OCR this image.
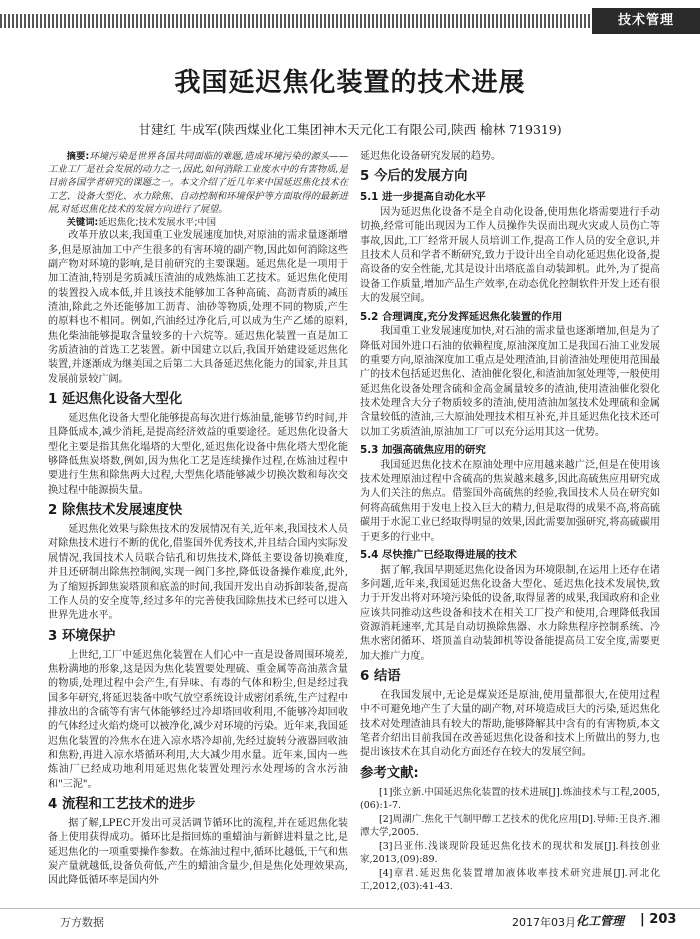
技术管理
我国延迟焦化装置的技术进展
甘建红 牛成军(陕西煤业化工集团神木天元化工有限公司,陕西 榆林 719319)

摘要:环境污染是世界各国共同面临的难题,造成环境污染的源头——工业工厂是社会发展的动力之一,因此,如何消除工业废水中的有害物质,是目前各国学者研究的课题之一。本文介绍了近几年来中国延迟焦化技术在工艺、设备大型化、水力除焦、自动控制和环境保护等方面取得的最新进展,对延迟焦化技术的发展方向进行了展望。

关键词:延迟焦化;技术发展水平;中国

改革开放以来,我国重工业发展速度加快,对原油的需求量逐渐增多,但是原油加工中产生很多的有害环境的副产物,因此如何消除这些副产物对环境的影响,是目前研究的主要课题。延迟焦化是一项用于加工渣油,特别是劣质减压渣油的成熟炼油工艺技术。延迟焦化使用的装置投入成本低,并且该技术能够加工各种高硫、高沥青质的减压渣油,除此之外还能够加工沥青、油砂等物质,处理不同的物质,产生的原料也不相同。例如,汽油经过净化后,可以成为生产乙烯的原料,焦化柴油能够提取含量较多的十六烷等。延迟焦化装置一直是加工劣质渣油的首选工艺装置。新中国建立以后,我国开始建设延迟焦化装置,并逐渐成为继美国之后第二大具备延迟焦化能力的国家,并且其发展前景较广阔。

1 延迟焦化设备大型化

延迟焦化设备大型化能够提高每次进行炼油量,能够节约时间,并且降低成本,减少消耗,是提高经济效益的重要途径。延迟焦化设备大型化主要是指其焦化塌塔的大型化,延迟焦化设备中焦化塔大型化能够降低焦炭塔数,例如,因为焦化工艺是连续操作过程,在炼油过程中要进行生焦和除焦两大过程,大型焦化塔能够减少切换次数和每次交换过程中能源损失量。

2 除焦技术发展速度快

延迟焦化效果与除焦技术的发展情况有关,近年来,我国技术人员对除焦技术进行不断的优化,借鉴国外优秀技术,并且结合国内实际发展情况,我国技术人员联合钻孔和切焦技术,降低主要设备切换难度,并且还研制出除焦控制阀,实现一阀门多控,降低设备操作难度,此外,为了缩短拆卸焦炭塔顶和底盖的时间,我国开发出自动拆卸装备,提高工作人员的安全度等,经过多年的完善使我国除焦技术已经可以进入世界先进水平。

3 环境保护

上世纪,工厂中延迟焦化装置在人们心中一直是设备周围环境差,焦粉满地的形象,这是因为焦化装置要处理硫、重金属等高油蒸含量的物质,处理过程中会产生,有异味、有毒的气体和粉尘,但是经过我国多年研究,将延迟装备中吹气放空系统设计成密闭系统,生产过程中排放出的含硫等有害气体能够经过冷却塔回收利用,不能够冷却回收的气体经过火焰灼烧可以被净化,减少对环境的污染。近年来,我国延迟焦化装置的冷焦水在进入凉水塔冷却前,先经过旋转分液器回收油和焦粉,再进入凉水塔循环利用,大大减少用水量。近年来,国内一些炼油厂已经成功地利用延迟焦化装置处理污水处理场的含水污油和"三泥"。

4 流程和工艺技术的进步

据了解,LPEC开发出可灵活调节循环比的流程,并在延迟焦化装备上使用获得成功。循环比是指回炼的重蜡油与新鲜进料量之比,是延迟焦化的一项重要操作参数。在炼油过程中,循环比越低,干气和焦炭产量就越低,设备负荷低,产生的蜡油含量少,但是焦化处理效果高,因此降低循环率是国内外

延迟焦化设备研究发展的趋势。

5 今后的发展方向
5.1 进一步提高自动化水平

因为延迟焦化设备不是全自动化设备,使用焦化塔需要进行手动切换,经常可能出现因为工作人员操作失误而出现火灾或人员伤亡等事故,因此,工厂经常开展人员培训工作,提高工作人员的安全意识,并且技术人员和学者不断研究,致力于设计出全自动化延迟焦化设备,提高设备的安全性能,尤其是设计出塔底盖自动装卸机。此外,为了提高设备工作质量,增加产品生产效率,在动态优化控制软件开发上还有很大的发展空间。

5.2 合理调度,充分发挥延迟焦化装置的作用

我国重工业发展速度加快,对石油的需求量也逐渐增加,但是为了降低对国外进口石油的依赖程度,原油深度加工是我国石油工业发展的重要方向,原油深度加工重点是处理渣油,目前渣油处理使用范围最广的技术包括延迟焦化、渣油催化裂化,和渣油加氢处理等,一般使用延迟焦化设备处理含硫和金高金属量较多的渣油,使用渣油催化裂化技术处理含大分子物质较多的渣油,使用渣油加氢技术处理硫和金属含量较低的渣油,三大原油处理技术相互补充,并且延迟焦化技术还可以加工劣质渣油,原油加工厂可以充分运用其这一优势。

5.3 加强高硫焦应用的研究

我国延迟焦化技术在原油处理中应用越来越广泛,但是在使用该技术处理原油过程中含硫高的焦炭越来越多,因此高硫焦应用研究成为人们关注的焦点。借鉴国外高硫焦的经验,我国技术人员在研究如何将高硫焦用于发电上投入巨大的精力,但是取得的成果不高,将高硫碳用于水泥工业已经取得明显的效果,因此需要加强研究,将高硫碳用于更多的行业中。

5.4 尽快推广已经取得进展的技术

据了解,我国早期延迟焦化设备因为环境限制,在运用上还存在诸多问题,近年来,我国延迟焦化设备大型化、延迟焦化技术发展快,致力于开发出将对环境污染低的设备,取得显著的成果,我国政府和企业应该共同推动这些设备和技术在相关工厂投产和使用,合理降低我国资源消耗速率,尤其是自动切换除焦器、水力除焦程序控制系统、冷焦水密闭循环、塔顶盖自动装卸机等设备能提高员工安全度,需要更加大推广力度。

6 结语

在我国发展中,无论是煤炭还是原油,使用量都很大,在使用过程中不可避免地产生了大量的副产物,对环境造成巨大的污染,延迟焦化技术对处理渣油具有较大的帮助,能够降解其中含有的有害物质,本文笔者介绍出目前我国在改善延迟焦化设备和技术上所做出的努力,也提出该技术在其自动化方面还存在较大的发展空间。

参考文献:

[1]张立新.中国延迟焦化装置的技术进展[J].炼油技术与工程,2005,(06):1-7.

[2]周湖广.焦化干气制甲醇工艺技术的优化应用[D].导师:王良齐.湘潭大学,2005.

[3]吕亚伟.浅谈现阶段延迟焦化技术的现状和发展[J].科技创业家,2013,(09):89.

[4]章君.延迟焦化装置增加液体收率技术研究进展[J].河北化工,2012,(03):41-43.

万方数据	2017年03月 化工管理 | 203
